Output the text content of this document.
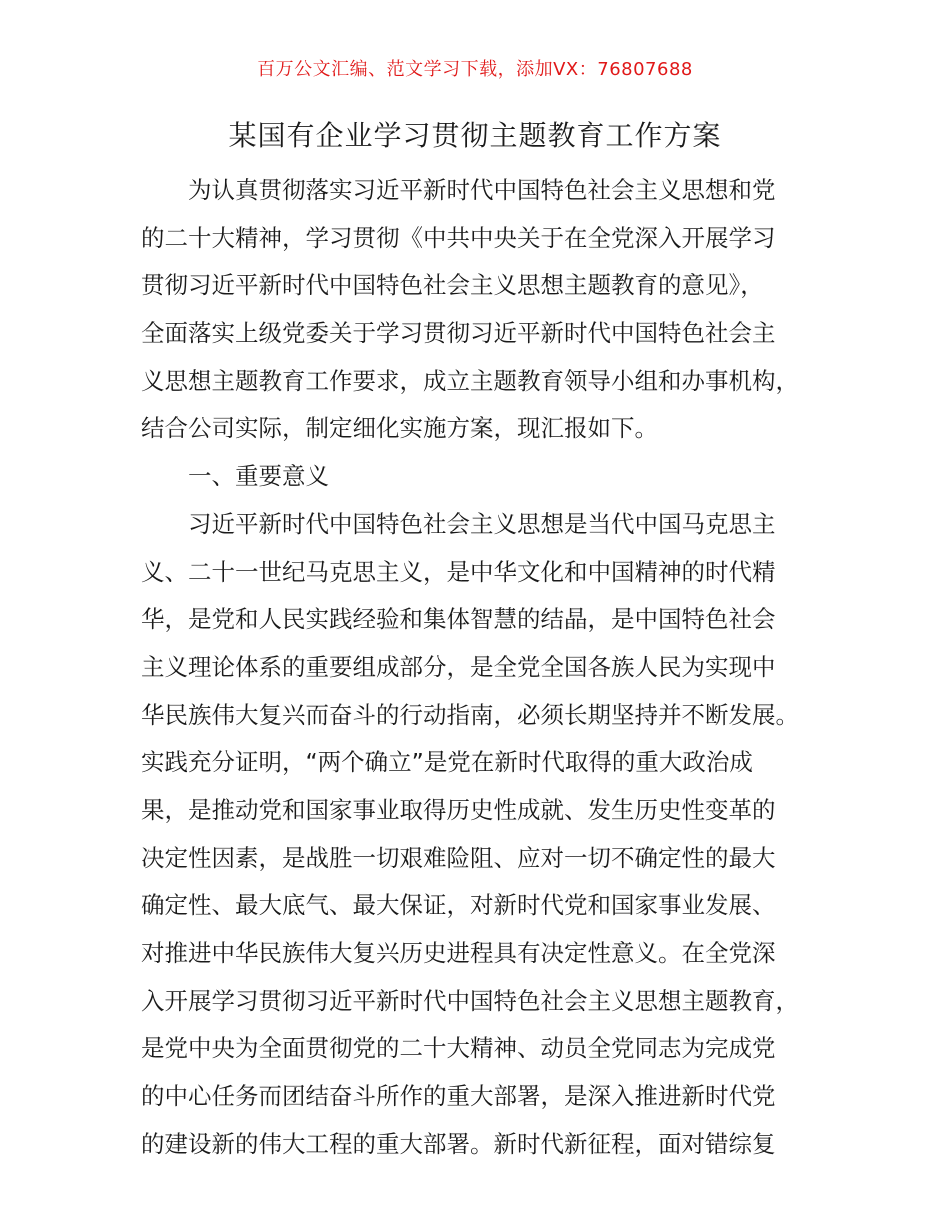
百万公文汇编、范文学习下载，添加VX：76807688
某国有企业学习贯彻主题教育工作方案
为认真贯彻落实习近平新时代中国特色社会主义思想和党
的二十大精神，学习贯彻《中共中央关于在全党深入开展学习
贯彻习近平新时代中国特色社会主义思想主题教育的意见》，
全面落实上级党委关于学习贯彻习近平新时代中国特色社会主
义思想主题教育工作要求，成立主题教育领导小组和办事机构，
结合公司实际，制定细化实施方案，现汇报如下。
一、重要意义
习近平新时代中国特色社会主义思想是当代中国马克思主
义、二十一世纪马克思主义，是中华文化和中国精神的时代精
华，是党和人民实践经验和集体智慧的结晶，是中国特色社会
主义理论体系的重要组成部分，是全党全国各族人民为实现中
华民族伟大复兴而奋斗的行动指南，必须长期坚持并不断发展。
实践充分证明，“两个确立”是党在新时代取得的重大政治成
果，是推动党和国家事业取得历史性成就、发生历史性变革的
决定性因素，是战胜一切艰难险阻、应对一切不确定性的最大
确定性、最大底气、最大保证，对新时代党和国家事业发展、
对推进中华民族伟大复兴历史进程具有决定性意义。在全党深
入开展学习贯彻习近平新时代中国特色社会主义思想主题教育，
是党中央为全面贯彻党的二十大精神、动员全党同志为完成党
的中心任务而团结奋斗所作的重大部署，是深入推进新时代党
的建设新的伟大工程的重大部署。新时代新征程，面对错综复
